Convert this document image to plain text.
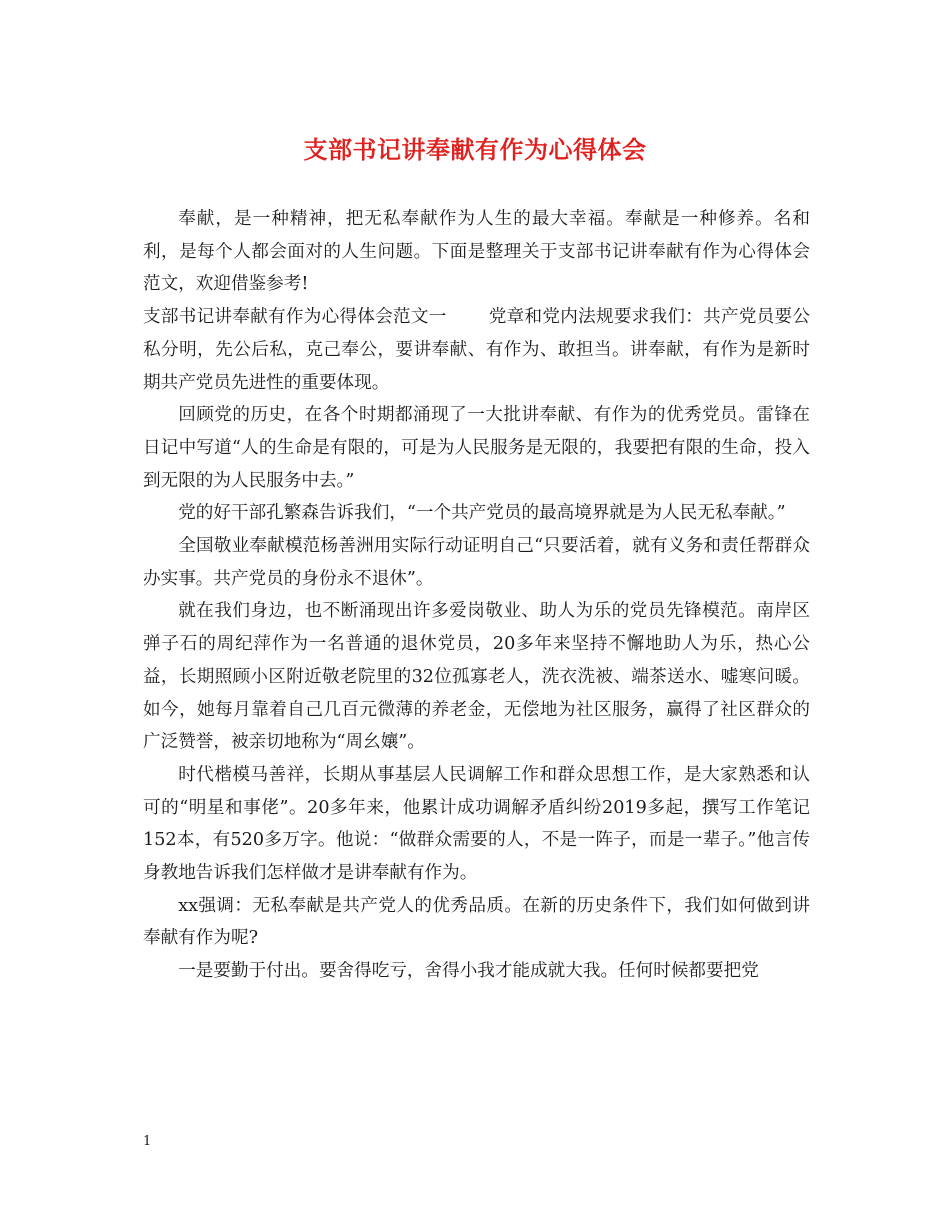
支部书记讲奉献有作为心得体会

奉献，是一种精神，把无私奉献作为人生的最大幸福。奉献是一种修养。名和利，是每个人都会面对的人生问题。下面是整理关于支部书记讲奉献有作为心得体会范文，欢迎借鉴参考!

支部书记讲奉献有作为心得体会范文一 党章和党内法规要求我们：共产党员要公私分明，先公后私，克己奉公，要讲奉献、有作为、敢担当。讲奉献，有作为是新时期共产党员先进性的重要体现。

回顾党的历史，在各个时期都涌现了一大批讲奉献、有作为的优秀党员。雷锋在日记中写道“人的生命是有限的，可是为人民服务是无限的，我要把有限的生命，投入到无限的为人民服务中去。”

党的好干部孔繁森告诉我们，“一个共产党员的最高境界就是为人民无私奉献。”

全国敬业奉献模范杨善洲用实际行动证明自己“只要活着，就有义务和责任帮群众办实事。共产党员的身份永不退休”。

就在我们身边，也不断涌现出许多爱岗敬业、助人为乐的党员先锋模范。南岸区弹子石的周纪萍作为一名普通的退休党员，20多年来坚持不懈地助人为乐，热心公益，长期照顾小区附近敬老院里的32位孤寡老人，洗衣洗被、端茶送水、嘘寒问暖。如今，她每月靠着自己几百元微薄的养老金，无偿地为社区服务，赢得了社区群众的广泛赞誉，被亲切地称为“周幺孃”。

时代楷模马善祥，长期从事基层人民调解工作和群众思想工作，是大家熟悉和认可的“明星和事佬”。20多年来，他累计成功调解矛盾纠纷2019多起，撰写工作笔记152本，有520多万字。他说：“做群众需要的人，不是一阵子，而是一辈子。”他言传身教地告诉我们怎样做才是讲奉献有作为。

xx强调：无私奉献是共产党人的优秀品质。在新的历史条件下，我们如何做到讲奉献有作为呢?

一是要勤于付出。要舍得吃亏，舍得小我才能成就大我。任何时候都要把党

1
